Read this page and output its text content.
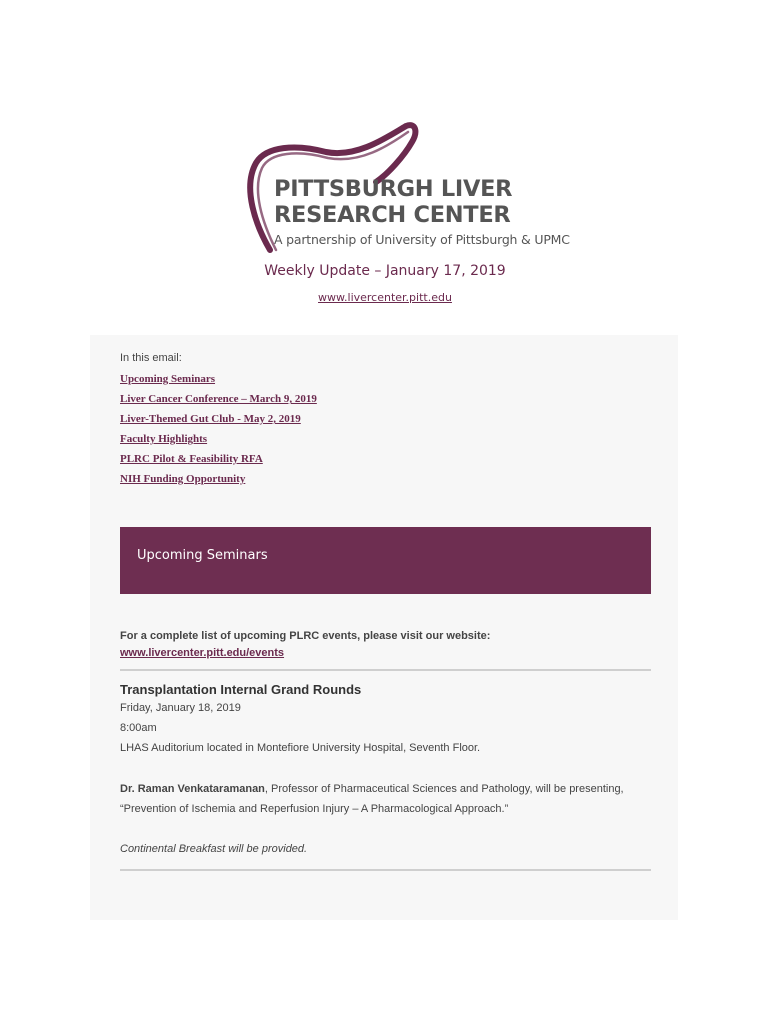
PITTSBURGH LIVER
RESEARCH CENTER
A partnership of University of Pittsburgh & UPMC
Weekly Update – January 17, 2019
www.livercenter.pitt.edu
In this email:
Upcoming Seminars
Liver Cancer Conference – March 9, 2019
Liver-Themed Gut Club - May 2, 2019
Faculty Highlights
PLRC Pilot & Feasibility RFA
NIH Funding Opportunity
Upcoming Seminars
For a complete list of upcoming PLRC events, please visit our website: www.livercenter.pitt.edu/events
Transplantation Internal Grand Rounds
Friday, January 18, 2019
8:00am
LHAS Auditorium located in Montefiore University Hospital, Seventh Floor.
Dr. Raman Venkataramanan, Professor of Pharmaceutical Sciences and Pathology, will be presenting,
“Prevention of Ischemia and Reperfusion Injury – A Pharmacological Approach.”
Continental Breakfast will be provided.
